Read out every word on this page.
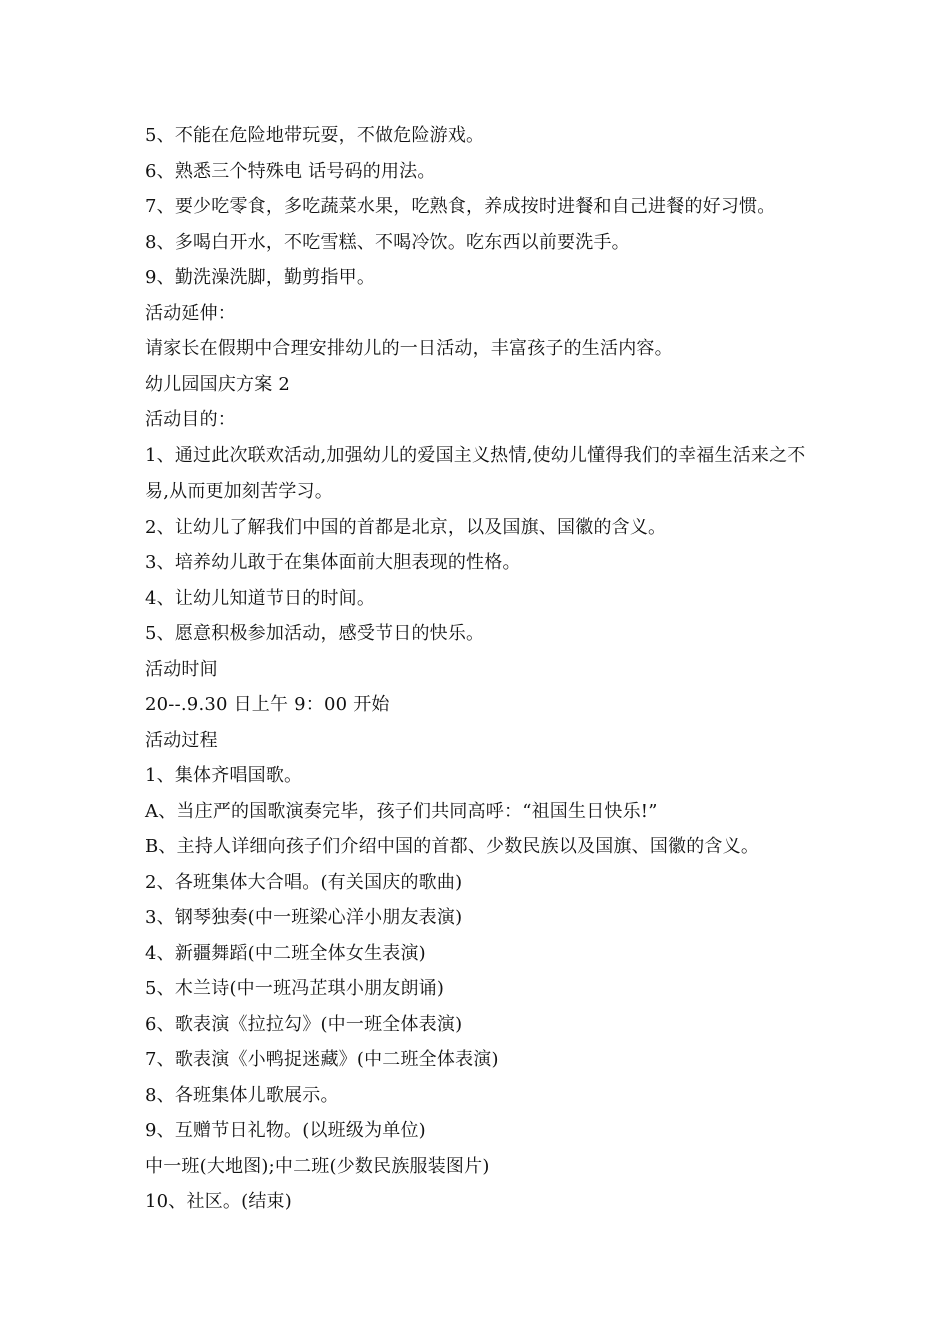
5、不能在危险地带玩耍，不做危险游戏。
6、熟悉三个特殊电 话号码的用法。
7、要少吃零食，多吃蔬菜水果，吃熟食，养成按时进餐和自己进餐的好习惯。
8、多喝白开水，不吃雪糕、不喝冷饮。吃东西以前要洗手。
9、勤洗澡洗脚，勤剪指甲。
活动延伸：
请家长在假期中合理安排幼儿的一日活动，丰富孩子的生活内容。
幼儿园国庆方案 2
活动目的：
1、通过此次联欢活动,加强幼儿的爱国主义热情,使幼儿懂得我们的幸福生活来之不易,从而更加刻苦学习。
2、让幼儿了解我们中国的首都是北京，以及国旗、国徽的含义。
3、培养幼儿敢于在集体面前大胆表现的性格。
4、让幼儿知道节日的时间。
5、愿意积极参加活动，感受节日的快乐。
活动时间
20--.9.30 日上午 9：00 开始
活动过程
1、集体齐唱国歌。
A、当庄严的国歌演奏完毕，孩子们共同高呼：“祖国生日快乐!”
B、主持人详细向孩子们介绍中国的首都、少数民族以及国旗、国徽的含义。
2、各班集体大合唱。(有关国庆的歌曲)
3、钢琴独奏(中一班梁心洋小朋友表演)
4、新疆舞蹈(中二班全体女生表演)
5、木兰诗(中一班冯芷琪小朋友朗诵)
6、歌表演《拉拉勾》(中一班全体表演)
7、歌表演《小鸭捉迷藏》(中二班全体表演)
8、各班集体儿歌展示。
9、互赠节日礼物。(以班级为单位)
中一班(大地图);中二班(少数民族服装图片)
10、社区。(结束)
